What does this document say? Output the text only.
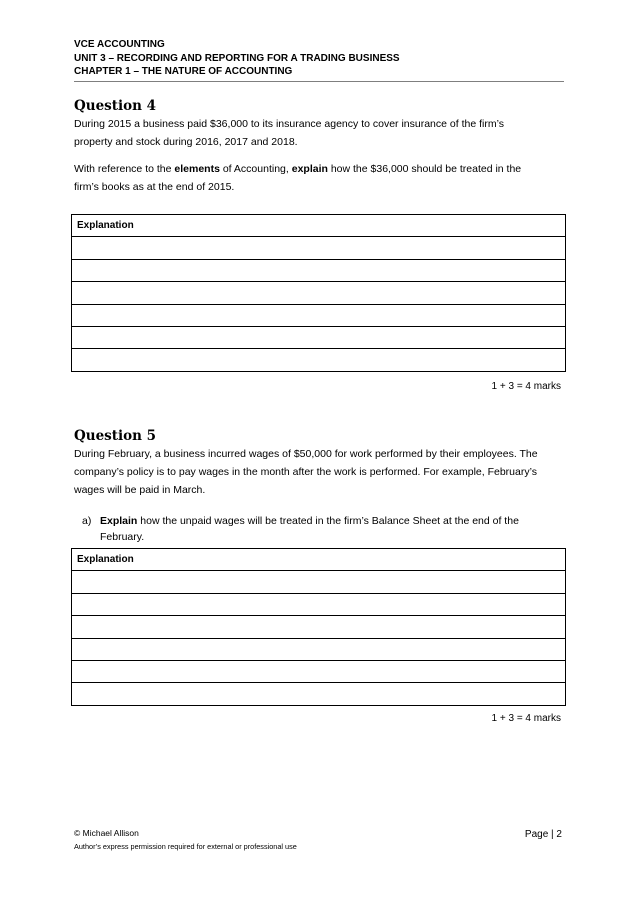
VCE ACCOUNTING
UNIT 3 – RECORDING AND REPORTING FOR A TRADING BUSINESS
CHAPTER 1 – THE NATURE OF ACCOUNTING
Question 4
During 2015 a business paid $36,000 to its insurance agency to cover insurance of the firm’s
property and stock during 2016, 2017 and 2018.
With reference to the elements of Accounting, explain how the $36,000 should be treated in the
firm’s books as at the end of 2015.
Explanation

1 + 3 = 4 marks
Question 5
During February, a business incurred wages of $50,000 for work performed by their employees. The
company’s policy is to pay wages in the month after the work is performed. For example, February’s
wages will be paid in March.
a) Explain how the unpaid wages will be treated in the firm’s Balance Sheet at the end of the
February.
Explanation

1 + 3 = 4 marks
© Michael Allison
Author’s express permission required for external or professional use
Page | 2
